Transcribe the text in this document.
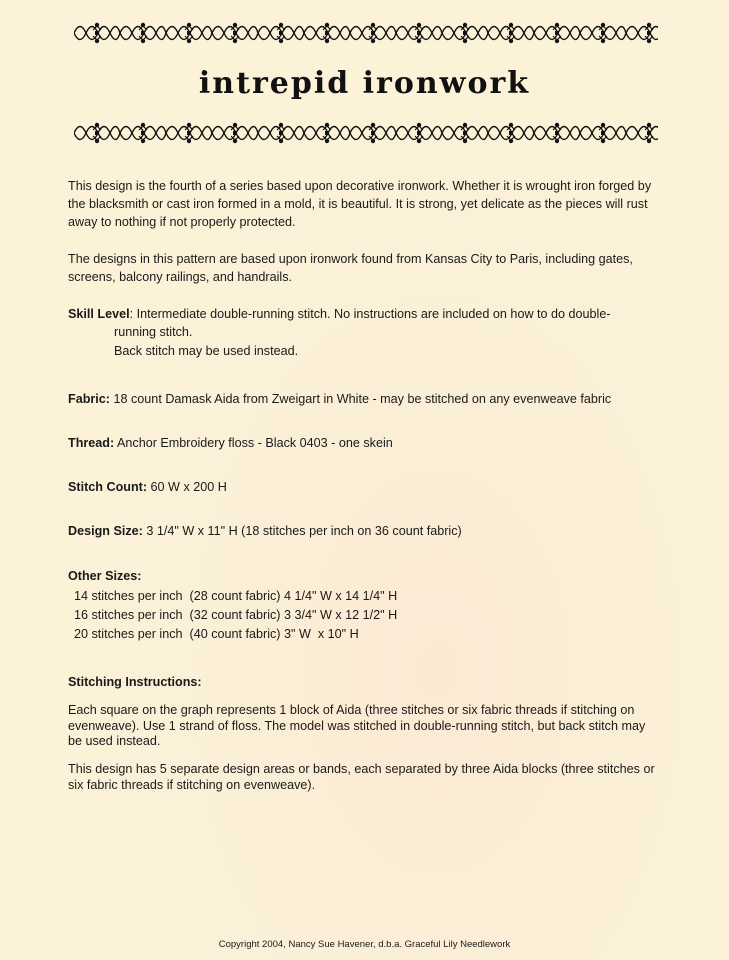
intrepid ironwork
This design is the fourth of a series based upon decorative ironwork. Whether it is wrought iron forged by the blacksmith or cast iron formed in a mold, it is beautiful. It is strong, yet delicate as the pieces will rust away to nothing if not properly protected.
The designs in this pattern are based upon ironwork found from Kansas City to Paris, including gates, screens, balcony railings, and handrails.
Skill Level: Intermediate double-running stitch. No instructions are included on how to do double-
running stitch.
Back stitch may be used instead.
Fabric: 18 count Damask Aida from Zweigart in White - may be stitched on any evenweave fabric
Thread: Anchor Embroidery floss - Black 0403 - one skein
Stitch Count: 60 W x 200 H
Design Size: 3 1/4" W x 11" H (18 stitches per inch on 36 count fabric)
Other Sizes:
14 stitches per inch  (28 count fabric) 4 1/4" W x 14 1/4" H
16 stitches per inch  (32 count fabric) 3 3/4" W x 12 1/2" H
20 stitches per inch  (40 count fabric) 3" W  x 10" H
Stitching Instructions:
Each square on the graph represents 1 block of Aida (three stitches or six fabric threads if stitching on evenweave). Use 1 strand of floss. The model was stitched in double-running stitch, but back stitch may be used instead.
This design has 5 separate design areas or bands, each separated by three Aida blocks (three stitches or six fabric threads if stitching on evenweave).
Copyright 2004, Nancy Sue Havener, d.b.a. Graceful Lily Needlework
